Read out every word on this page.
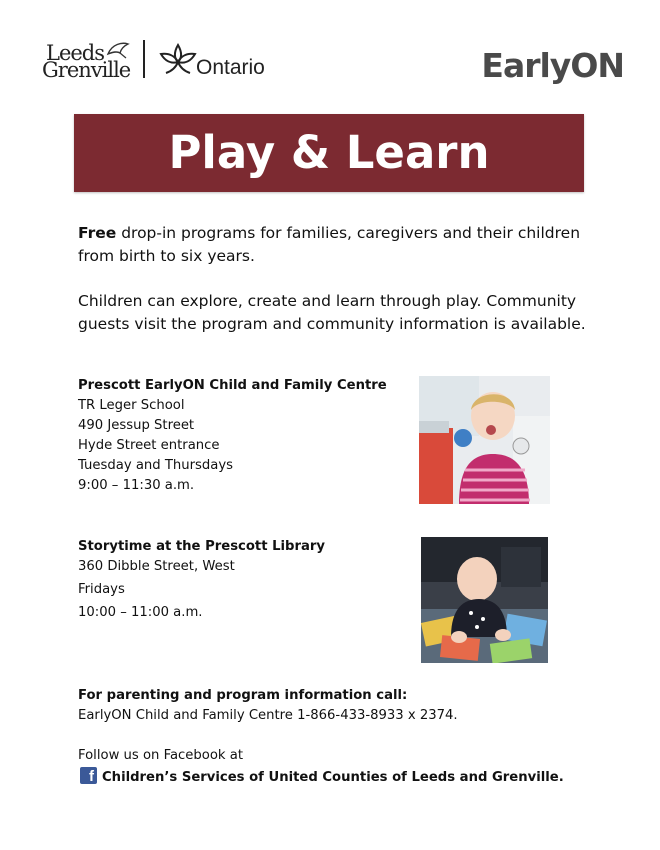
Leeds
Grenville	Ontario	EarlyON
Play & Learn

Free drop-in programs for families, caregivers and their children from birth to six years.

Children can explore, create and learn through play. Community guests visit the program and community information is available.

Prescott EarlyON Child and Family Centre
TR Leger School
490 Jessup Street
Hyde Street entrance
Tuesday and Thursdays
9:00 – 11:30 a.m.
Storytime at the Prescott Library
360 Dibble Street, West
Fridays
10:00 – 11:00 a.m.
For parenting and program information call:
EarlyON Child and Family Centre 1-866-433-8933 x 2374.
Follow us on Facebook at
f Children’s Services of United Counties of Leeds and Grenville.
